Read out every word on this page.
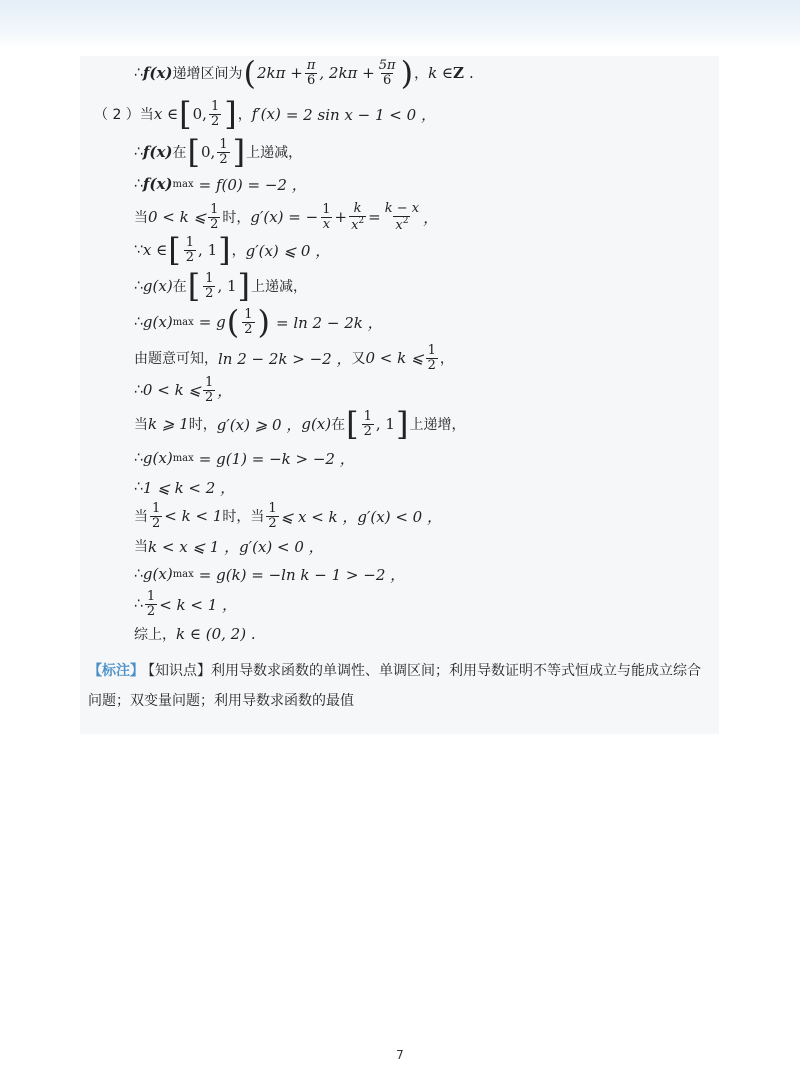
∴ f(x) 递增区间为 ( $2k\pi + \frac{\pi}{6}$ , $2k\pi + \frac{5\pi}{6}$ ) ， k ∈ Z .
（ 2 ）当 x ∈ [ 0, $\frac{1}{2}$ ] ， f′(x) = 2 sin x − 1 < 0 ，
∴ f(x) 在 [ 0, $\frac{1}{2}$ ] 上递减，
∴ f(x) max = f(0) = −2 ，
当 0 < k ⩽ $\frac{1}{2}$ 时， g′(x) = − $\frac{1}{x} + \frac{k}{x^2} = \frac{k - x}{x^2}$ ，
∵ x ∈ [ $\frac{1}{2}$ , 1 ] ， g′(x) ⩽ 0 ，
∴ g(x) 在 [ $\frac{1}{2}$ , 1 ] 上递减，
∴ g(x) max = g ( $\frac{1}{2}$ ) = ln 2 − 2k ，
由题意可知， ln 2 − 2k > −2 ， 又 0 < k ⩽ $\frac{1}{2}$ ，
∴ 0 < k ⩽ $\frac{1}{2}$ ，
当 k ⩾ 1 时， g′(x) ⩾ 0 ， g(x) 在 [ $\frac{1}{2}$ , 1 ] 上递增，
∴ g(x) max = g(1) = −k > −2 ，
∴ 1 ⩽ k < 2 ，
当 $\frac{1}{2} < k < 1$ 时， 当 $\frac{1}{2}$ ⩽ x < k ， g′(x) < 0 ，
当 k < x ⩽ 1 ， g′(x) < 0 ，
∴ g(x) max = g(k) = −ln k − 1 > −2 ，
∴ $\frac{1}{2} < k < 1$ ，
综上， k ∈ (0, 2) .
【标注】 【知识点】利用导数求函数的单调性、单调区间；利用导数证明不等式恒成立与能成立综合问题；双变量问题；利用导数求函数的最值
7
